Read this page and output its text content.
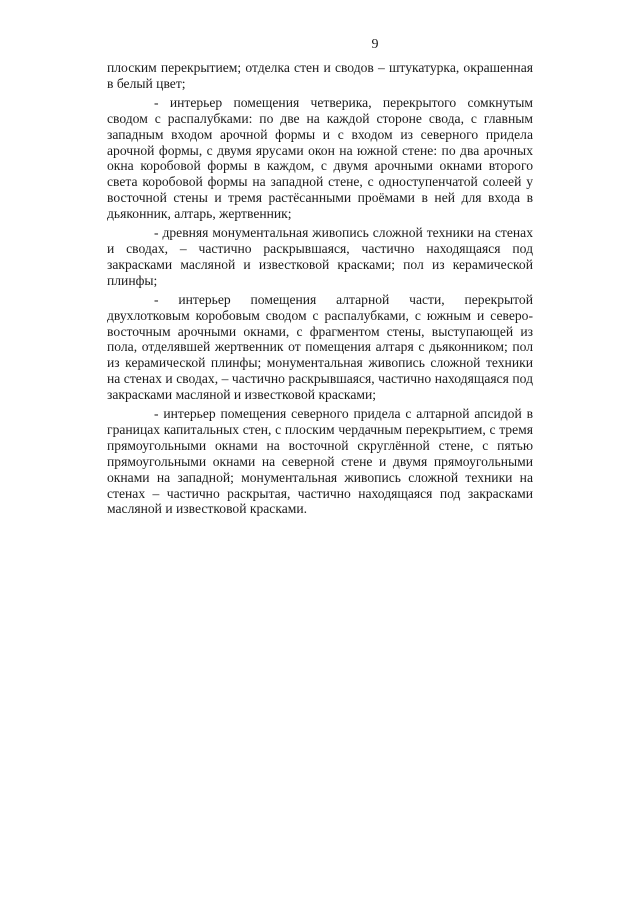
9

плоским перекрытием; отделка стен и сводов – штукатурка, окрашенная в белый цвет;

- интерьер помещения четверика, перекрытого сомкнутым сводом с распалубками: по две на каждой стороне свода, с главным западным входом арочной формы и с входом из северного придела арочной формы, с двумя ярусами окон на южной стене: по два арочных окна коробовой формы в каждом, с двумя арочными окнами второго света коробовой формы на западной стене, с одноступенчатой солеей у восточной стены и тремя растёсанными проёмами в ней для входа в дьяконник, алтарь, жертвенник;

- древняя монументальная живопись сложной техники на стенах и сводах, – частично раскрывшаяся, частично находящаяся под закрасками масляной и известковой красками; пол из керамической плинфы;

- интерьер помещения алтарной части, перекрытой двухлотковым коробовым сводом с распалубками, с южным и северо-восточным арочными окнами, с фрагментом стены, выступающей из пола, отделявшей жертвенник от помещения алтаря с дьяконником; пол из керамической плинфы; монументальная живопись сложной техники на стенах и сводах, – частично раскрывшаяся, частично находящаяся под закрасками масляной и известковой красками;

- интерьер помещения северного придела с алтарной апсидой в границах капитальных стен, с плоским чердачным перекрытием, с тремя прямоугольными окнами на восточной скруглённой стене, с пятью прямоугольными окнами на северной стене и двумя прямоугольными окнами на западной; монументальная живопись сложной техники на стенах – частично раскрытая, частично находящаяся под закрасками масляной и известковой красками.
